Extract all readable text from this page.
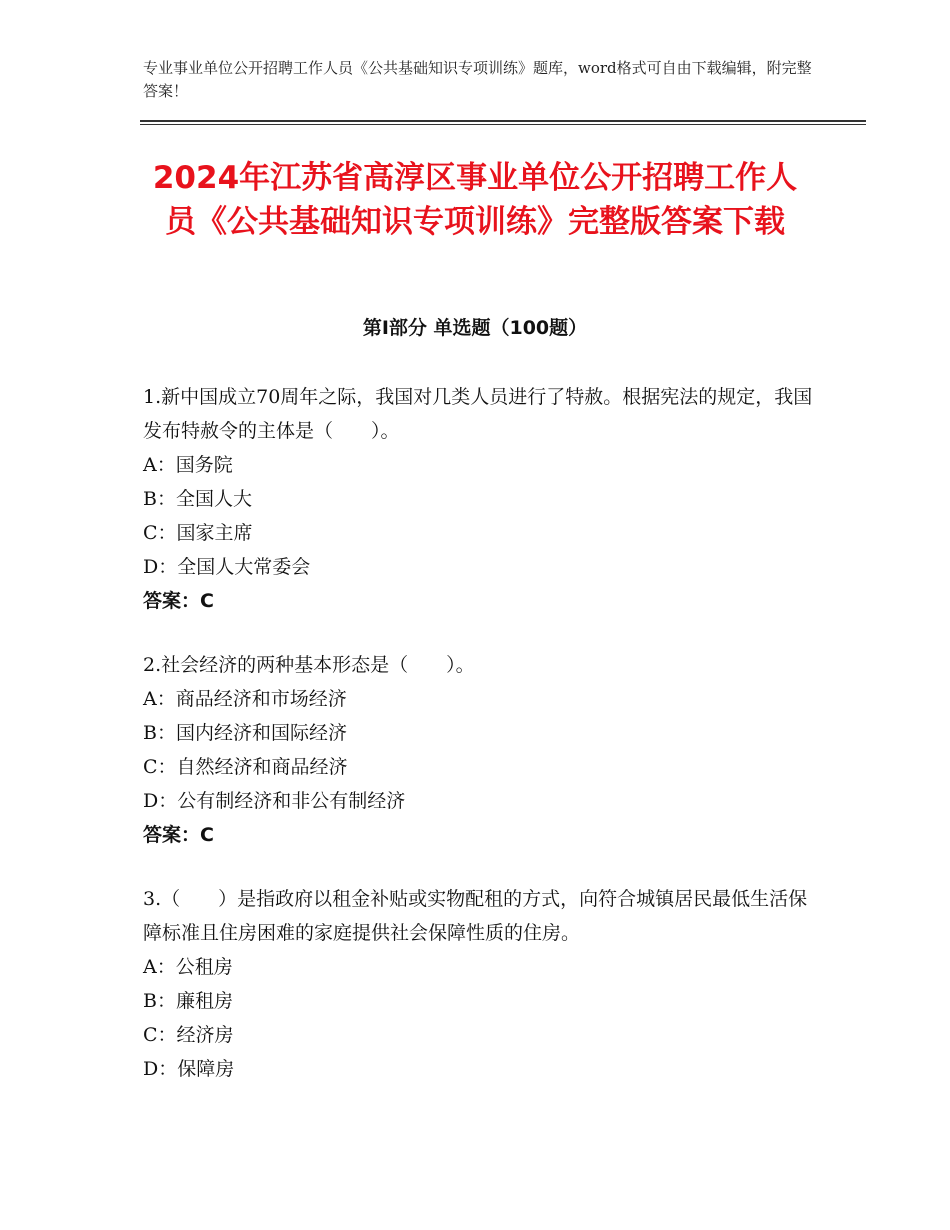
专业事业单位公开招聘工作人员《公共基础知识专项训练》题库，word格式可自由下载编辑，附完整答案！
2024年江苏省高淳区事业单位公开招聘工作人员《公共基础知识专项训练》完整版答案下载
第Ⅰ部分 单选题（100题）
1.新中国成立70周年之际，我国对几类人员进行了特赦。根据宪法的规定，我国发布特赦令的主体是（　　）。
A：国务院
B：全国人大
C：国家主席
D：全国人大常委会
答案：C
2.社会经济的两种基本形态是（　　）。
A：商品经济和市场经济
B：国内经济和国际经济
C：自然经济和商品经济
D：公有制经济和非公有制经济
答案：C
3.（　　）是指政府以租金补贴或实物配租的方式，向符合城镇居民最低生活保障标准且住房困难的家庭提供社会保障性质的住房。
A：公租房
B：廉租房
C：经济房
D：保障房
